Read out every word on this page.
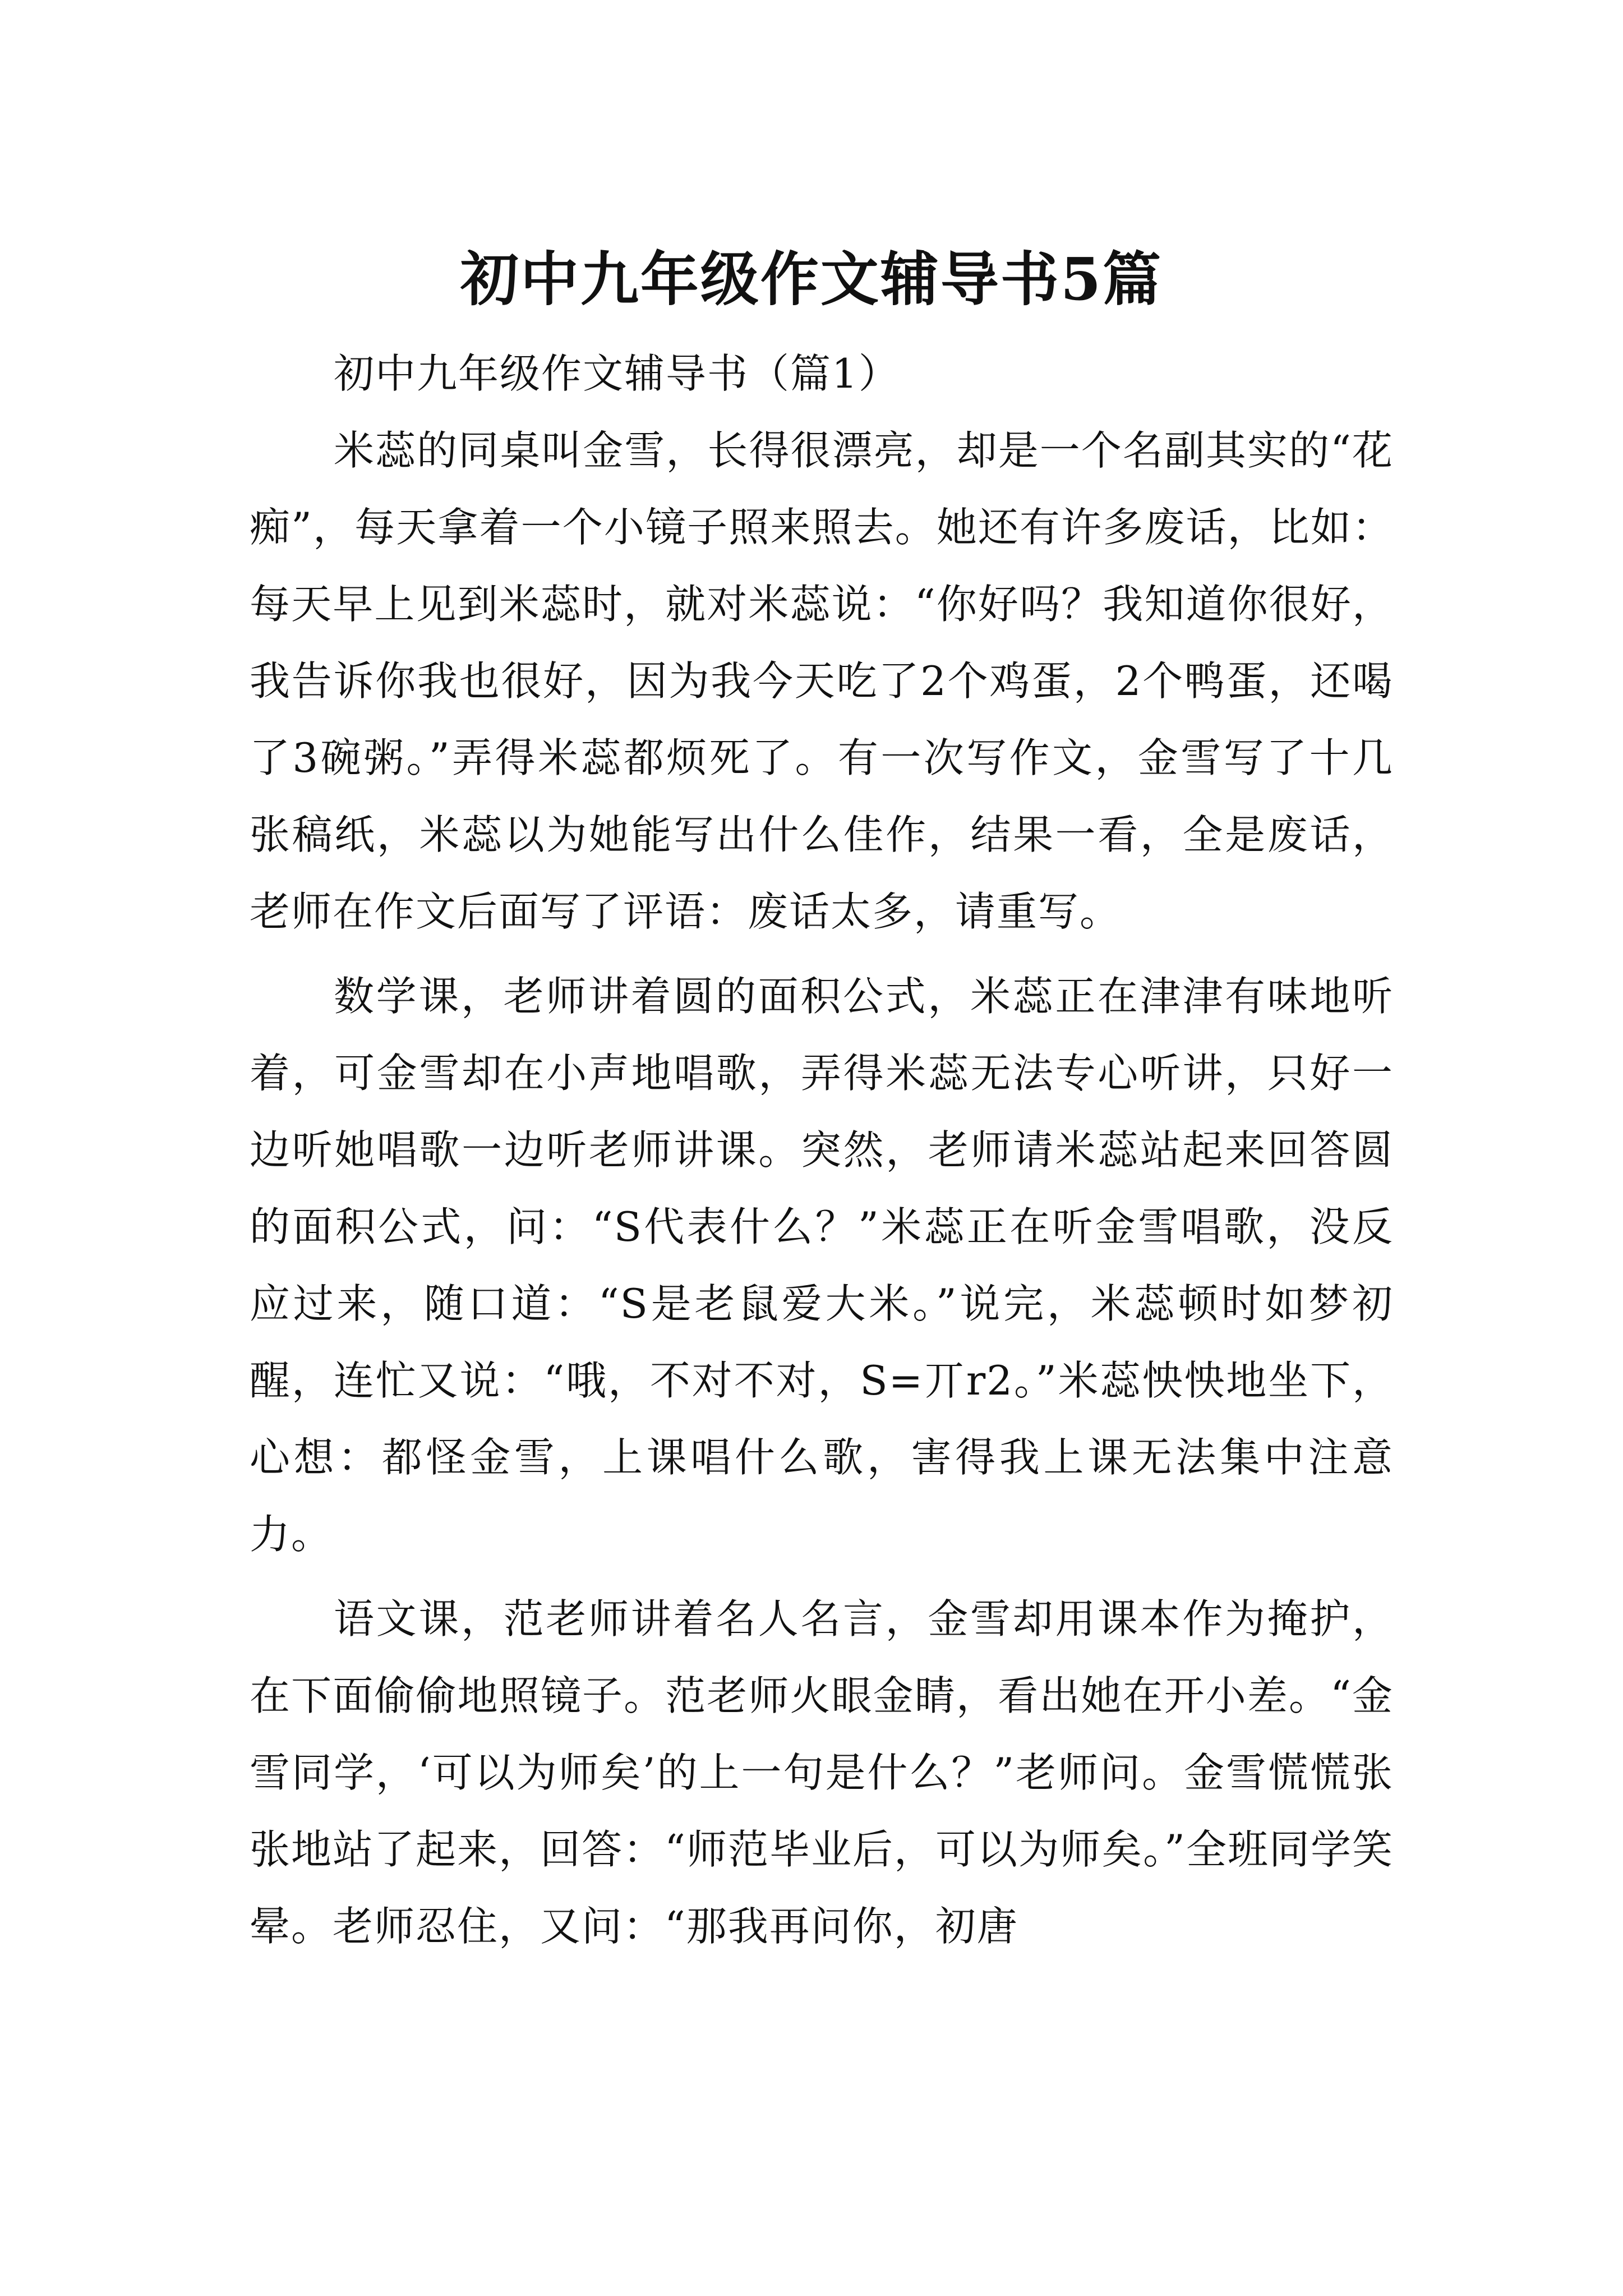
初中九年级作文辅导书5篇

初中九年级作文辅导书（篇1）

米蕊的同桌叫金雪，长得很漂亮，却是一个名副其实的“花痴”，每天拿着一个小镜子照来照去。她还有许多废话，比如：每天早上见到米蕊时，就对米蕊说：“你好吗？我知道你很好，我告诉你我也很好，因为我今天吃了2个鸡蛋，2个鸭蛋，还喝了3碗粥。”弄得米蕊都烦死了。有一次写作文，金雪写了十几张稿纸，米蕊以为她能写出什么佳作，结果一看，全是废话，老师在作文后面写了评语：废话太多，请重写。

数学课，老师讲着圆的面积公式，米蕊正在津津有味地听着，可金雪却在小声地唱歌，弄得米蕊无法专心听讲，只好一边听她唱歌一边听老师讲课。突然，老师请米蕊站起来回答圆的面积公式，问：“S代表什么？”米蕊正在听金雪唱歌，没反应过来，随口道：“S是老鼠爱大米。”说完，米蕊顿时如梦初醒，连忙又说：“哦，不对不对，S=丌r2。”米蕊怏怏地坐下，心想：都怪金雪，上课唱什么歌，害得我上课无法集中注意力。

语文课，范老师讲着名人名言，金雪却用课本作为掩护，在下面偷偷地照镜子。范老师火眼金睛，看出她在开小差。“金雪同学，‘可以为师矣’的上一句是什么？”老师问。金雪慌慌张张地站了起来，回答：“师范毕业后，可以为师矣。”全班同学笑晕。老师忍住，又问：“那我再问你，初唐
